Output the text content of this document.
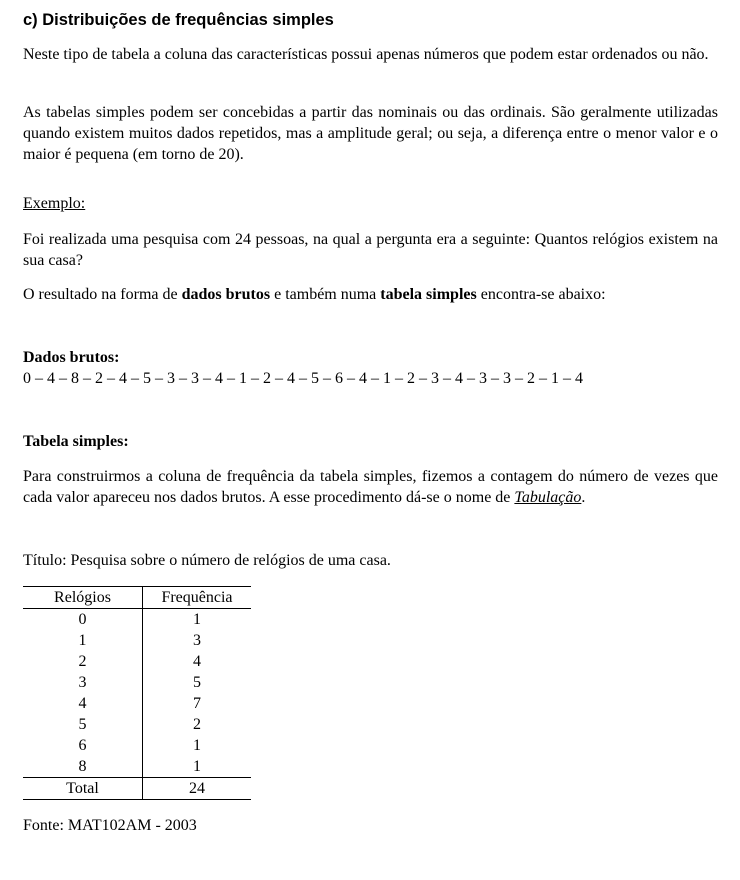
c) Distribuições de frequências simples

Neste tipo de tabela a coluna das características possui apenas números que podem estar ordenados ou não.

As tabelas simples podem ser concebidas a partir das nominais ou das ordinais. São geralmente utilizadas quando existem muitos dados repetidos, mas a amplitude geral; ou seja, a diferença entre o menor valor e o maior é pequena (em torno de 20).

Exemplo:

Foi realizada uma pesquisa com 24 pessoas, na qual a pergunta era a seguinte: Quantos relógios existem na sua casa?

O resultado na forma de dados brutos e também numa tabela simples encontra-se abaixo:

Dados brutos:

0 – 4 – 8 – 2 – 4 – 5 – 3 – 3 – 4 – 1 – 2 – 4 – 5 – 6 – 4 – 1 – 2 – 3 – 4 – 3 – 3 – 2 – 1 – 4

Tabela simples:

Para construirmos a coluna de frequência da tabela simples, fizemos a contagem do número de vezes que cada valor apareceu nos dados brutos. A esse procedimento dá-se o nome de Tabulação.

Título: Pesquisa sobre o número de relógios de uma casa.

Relógios	Frequência
0	1
1	3
2	4
3	5
4	7
5	2
6	1
8	1
Total	24

Fonte: MAT102AM - 2003
